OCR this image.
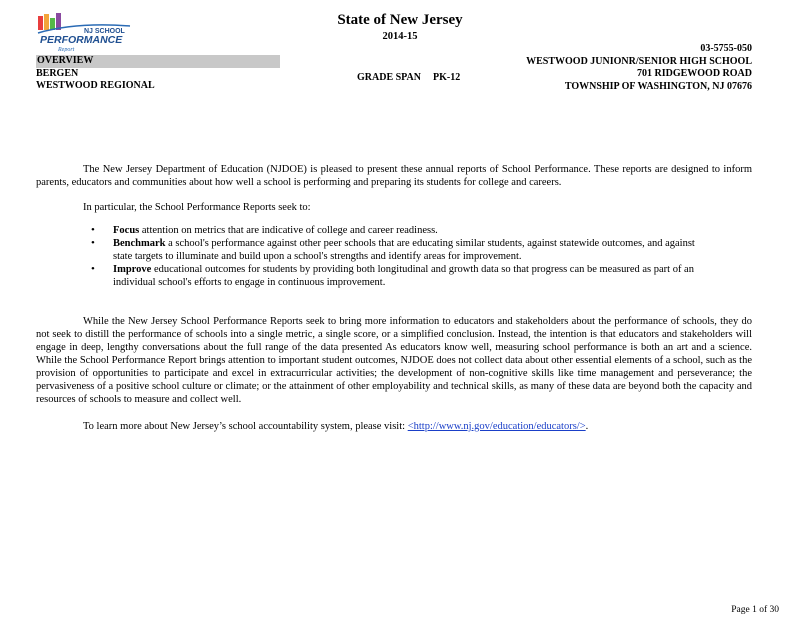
NJ SCHOOL
PERFORMANCE
Report
State of New Jersey
2014-15
OVERVIEW
BERGEN
WESTWOOD REGIONAL
GRADE SPAN PK-12
03-5755-050
WESTWOOD JUNIONR/SENIOR HIGH SCHOOL
701 RIDGEWOOD ROAD
TOWNSHIP OF WASHINGTON, NJ 07676

The New Jersey Department of Education (NJDOE) is pleased to present these annual reports of School Performance. These reports are designed to inform parents, educators and communities about how well a school is performing and preparing its students for college and careers.

In particular, the School Performance Reports seek to:

• Focus attention on metrics that are indicative of college and career readiness.
• Benchmark a school's performance against other peer schools that are educating similar students, against statewide outcomes, and against state targets to illuminate and build upon a school's strengths and identify areas for improvement.
• Improve educational outcomes for students by providing both longitudinal and growth data so that progress can be measured as part of an individual school's efforts to engage in continuous improvement.

While the New Jersey School Performance Reports seek to bring more information to educators and stakeholders about the performance of schools, they do not seek to distill the performance of schools into a single metric, a single score, or a simplified conclusion. Instead, the intention is that educators and stakeholders will engage in deep, lengthy conversations about the full range of the data presented As educators know well, measuring school performance is both an art and a science. While the School Performance Report brings attention to important student outcomes, NJDOE does not collect data about other essential elements of a school, such as the provision of opportunities to participate and excel in extracurricular activities; the development of non-cognitive skills like time management and perseverance; the pervasiveness of a positive school culture or climate; or the attainment of other employability and technical skills, as many of these data are beyond both the capacity and resources of schools to measure and collect well.

To learn more about New Jersey’s school accountability system, please visit: <http://www.nj.gov/education/educators/>.

Page 1 of 30
